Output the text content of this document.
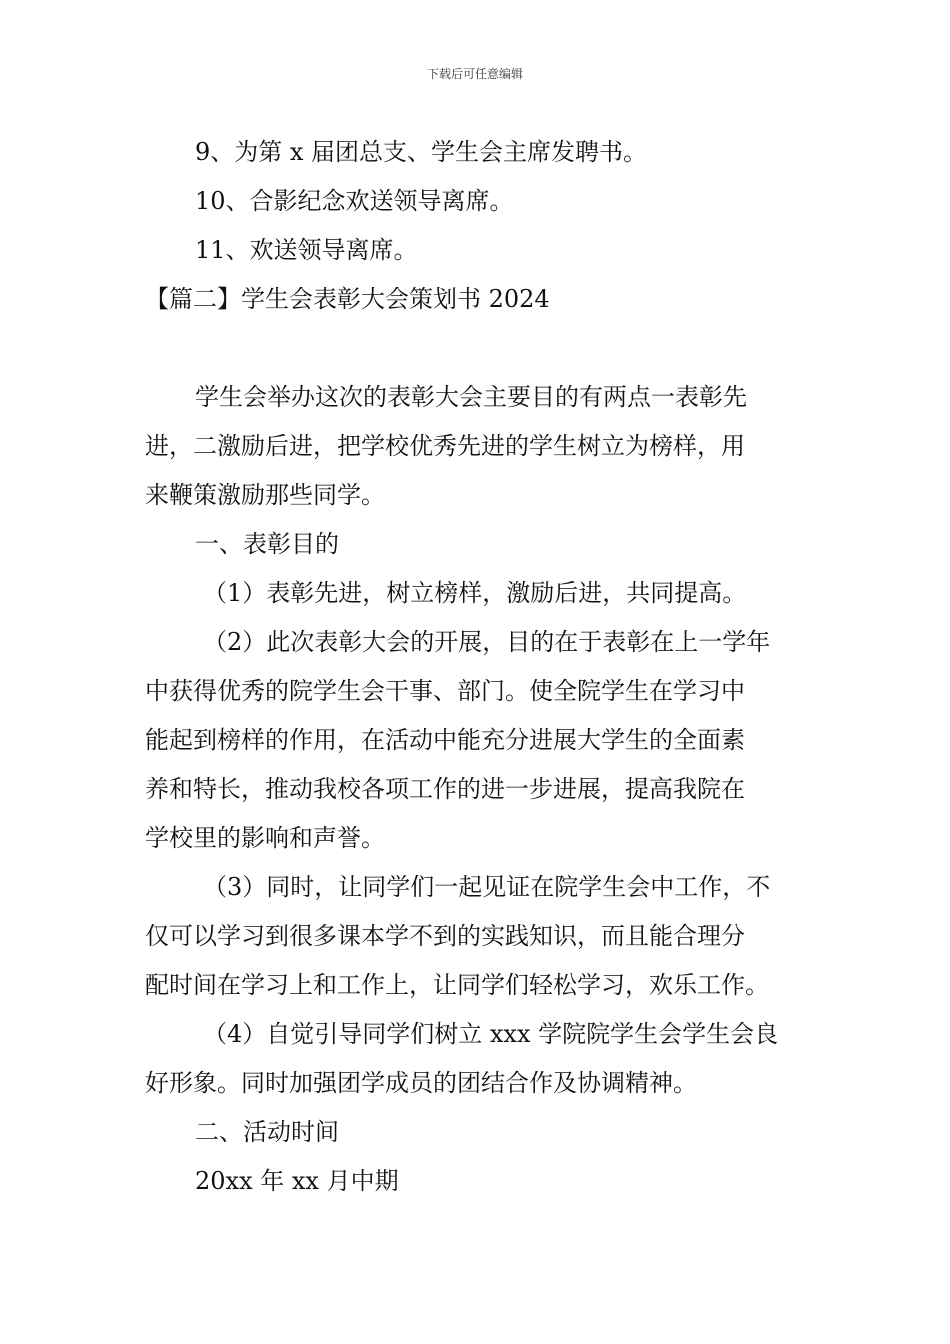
下载后可任意编辑
9、为第 x 届团总支、学生会主席发聘书。
10、合影纪念欢送领导离席。
11、欢送领导离席。
【篇二】学生会表彰大会策划书 2024
学生会举办这次的表彰大会主要目的有两点一表彰先
进，二激励后进，把学校优秀先进的学生树立为榜样，用
来鞭策激励那些同学。
一、表彰目的
（1）表彰先进，树立榜样，激励后进，共同提高。
（2）此次表彰大会的开展，目的在于表彰在上一学年
中获得优秀的院学生会干事、部门。使全院学生在学习中
能起到榜样的作用，在活动中能充分进展大学生的全面素
养和特长，推动我校各项工作的进一步进展，提高我院在
学校里的影响和声誉。
（3）同时，让同学们一起见证在院学生会中工作，不
仅可以学习到很多课本学不到的实践知识，而且能合理分
配时间在学习上和工作上，让同学们轻松学习，欢乐工作。
（4）自觉引导同学们树立 xxx 学院院学生会学生会良
好形象。同时加强团学成员的团结合作及协调精神。
二、活动时间
20xx 年 xx 月中期
